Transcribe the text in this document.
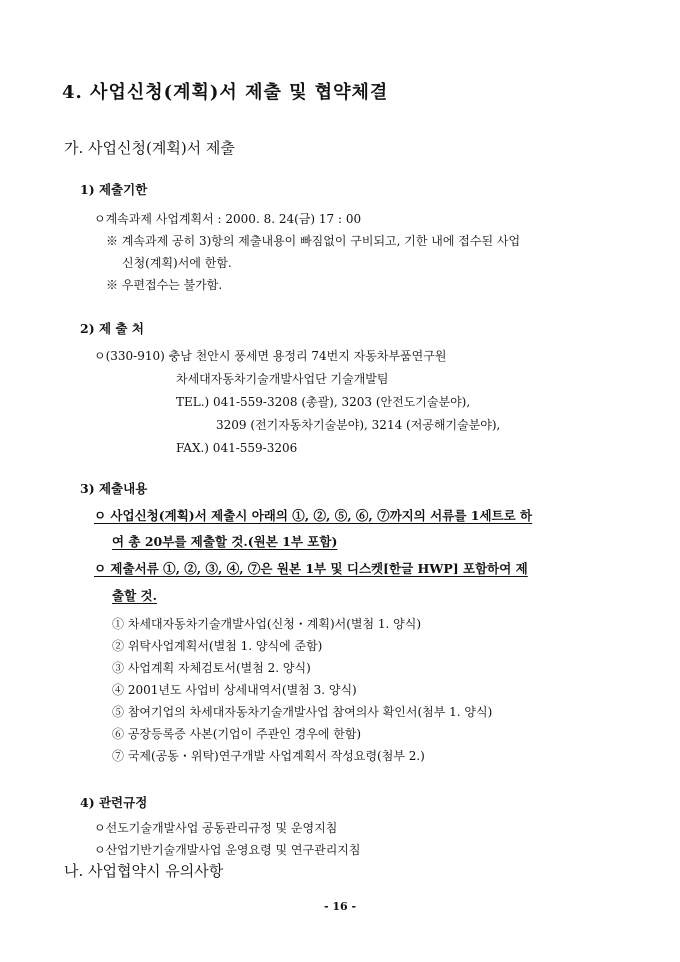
4. 사업신청(계획)서 제출 및 협약체결
가. 사업신청(계획)서 제출
1) 제출기한
ㅇ계속과제 사업계획서 : 2000. 8. 24(금) 17 : 00
※ 계속과제 공히 3)항의 제출내용이 빠짐없이 구비되고, 기한 내에 접수된 사업
신청(계획)서에 한함.
※ 우편접수는 불가함.
2) 제 출 처
ㅇ(330-910) 충남 천안시 풍세면 용정리 74번지 자동차부품연구원
차세대자동차기술개발사업단 기술개발팀
TEL.) 041-559-3208 (총괄), 3203 (안전도기술분야),
3209 (전기자동차기술분야), 3214 (저공해기술분야),
FAX.) 041-559-3206
3) 제출내용
ㅇ 사업신청(계획)서 제출시 아래의 ①, ②, ⑤, ⑥, ⑦까지의 서류를 1세트로 하
여 총 20부를 제출할 것.(원본 1부 포함)
ㅇ 제출서류 ①, ②, ③, ④, ⑦은 원본 1부 및 디스켓[한글 HWP] 포함하여 제
출할 것.
① 차세대자동차기술개발사업(신청・계획)서(별첨 1. 양식)
② 위탁사업계획서(별첨 1. 양식에 준함)
③ 사업계획 자체검토서(별첨 2. 양식)
④ 2001년도 사업비 상세내역서(별첨 3. 양식)
⑤ 참여기업의 차세대자동차기술개발사업 참여의사 확인서(첨부 1. 양식)
⑥ 공장등록증 사본(기업이 주관인 경우에 한함)
⑦ 국제(공동・위탁)연구개발 사업계획서 작성요령(첨부 2.)
4) 관련규정
ㅇ선도기술개발사업 공동관리규정 및 운영지침
ㅇ산업기반기술개발사업 운영요령 및 연구관리지침
나. 사업협약시 유의사항
- 16 -
